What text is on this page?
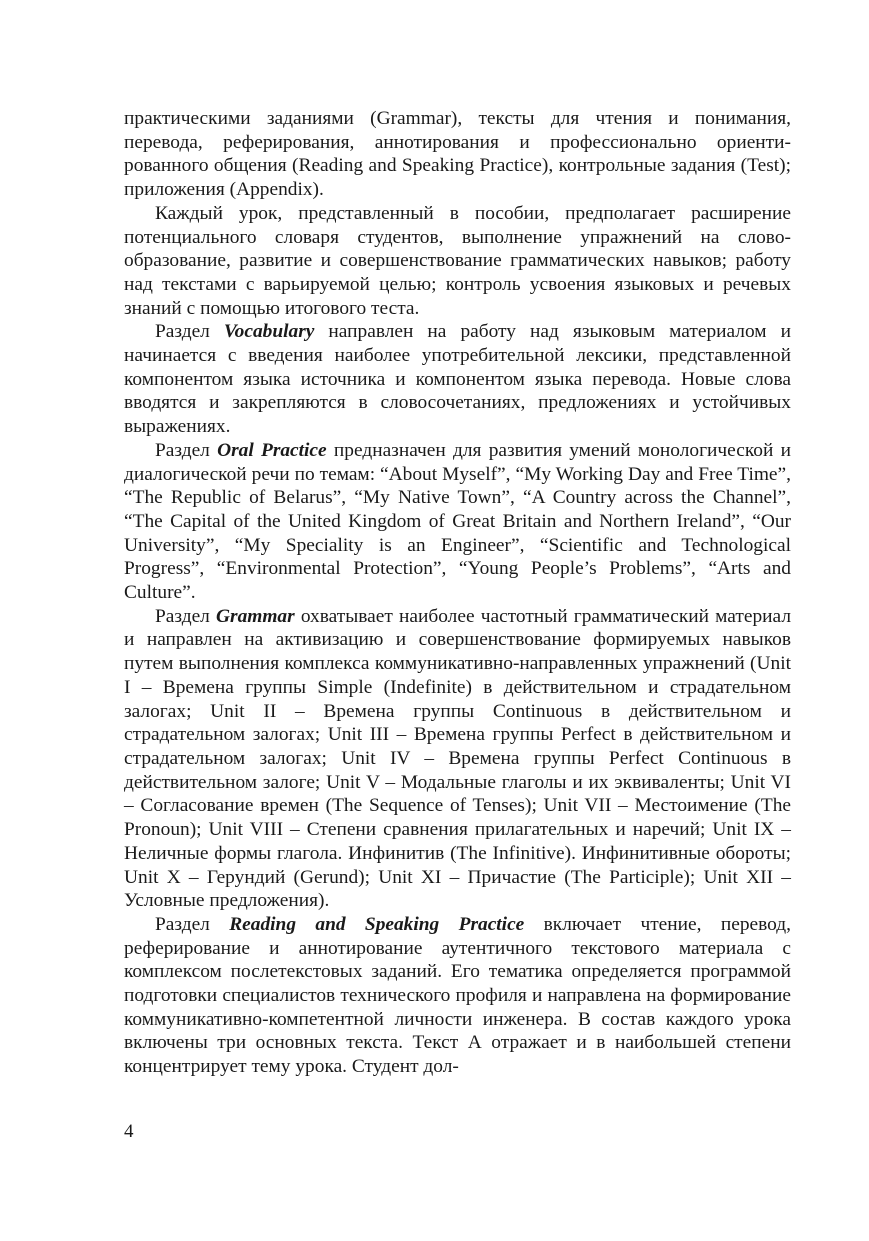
практическими заданиями (Grammar), тексты для чтения и понимания, перевода, реферирования, аннотирования и профессионально ориентированного общения (Reading and Speaking Practice), контрольные задания (Test); приложения (Appendix).

Каждый урок, представленный в пособии, предполагает расширение потенциального словаря студентов, выполнение упражнений на словообразование, развитие и совершенствование грамматических навыков; работу над текстами с варьируемой целью; контроль усвоения языковых и речевых знаний с помощью итогового теста.

Раздел Vocabulary направлен на работу над языковым материалом и начинается с введения наиболее употребительной лексики, представленной компонентом языка источника и компонентом языка перевода. Новые слова вводятся и закрепляются в словосочетаниях, предложениях и устойчивых выражениях.

Раздел Oral Practice предназначен для развития умений монологической и диалогической речи по темам: “About Myself”, “My Working Day and Free Time”, “The Republic of Belarus”, “My Native Town”, “A Country across the Channel”, “The Capital of the United Kingdom of Great Britain and Northern Ireland”, “Our University”, “My Speciality is an Engineer”, “Scientific and Technological Progress”, “Environmental Protection”, “Young People’s Problems”, “Arts and Culture”.

Раздел Grammar охватывает наиболее частотный грамматический материал и направлен на активизацию и совершенствование формируемых навыков путем выполнения комплекса коммуникативно-направленных упражнений (Unit I – Времена группы Simple (Indefinite) в действительном и страдательном залогах; Unit II – Времена группы Continuous в действительном и страдательном залогах; Unit III – Времена группы Perfect в действительном и страдательном залогах; Unit IV – Времена группы Perfect Continuous в действительном залоге; Unit V – Модальные глаголы и их эквиваленты; Unit VI – Согласование времен (The Sequence of Tenses); Unit VII – Местоимение (The Pronoun); Unit VIII – Степени сравнения прилагательных и наречий; Unit IX – Неличные формы глагола. Инфинитив (The Infinitive). Инфинитивные обороты; Unit X – Герундий (Gerund); Unit XI – Причастие (The Participle); Unit XII – Условные предложения).

Раздел Reading and Speaking Practice включает чтение, перевод, реферирование и аннотирование аутентичного текстового материала с комплексом послетекстовых заданий. Его тематика определяется программой подготовки специалистов технического профиля и направлена на формирование коммуникативно-компетентной личности инженера. В состав каждого урока включены три основных текста. Текст А отражает и в наибольшей степени концентрирует тему урока. Студент дол-

4
